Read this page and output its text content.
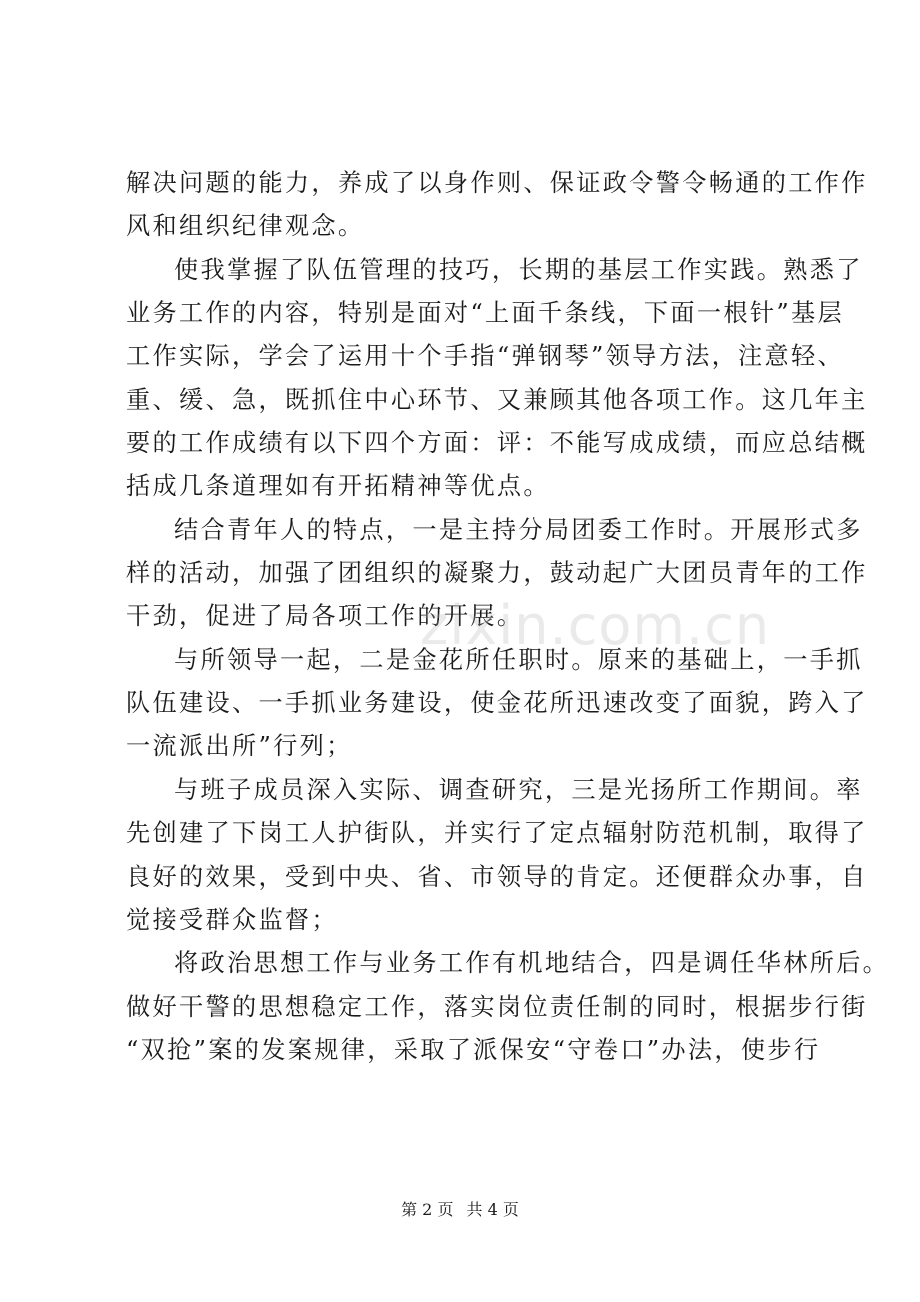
解决问题的能力，养成了以身作则、保证政令警令畅通的工作作
风和组织纪律观念。
使我掌握了队伍管理的技巧，长期的基层工作实践。熟悉了
业务工作的内容，特别是面对“上面千条线，下面一根针”基层
工作实际，学会了运用十个手指“弹钢琴”领导方法，注意轻、
重、缓、急，既抓住中心环节、又兼顾其他各项工作。这几年主
要的工作成绩有以下四个方面：评：不能写成成绩，而应总结概
括成几条道理如有开拓精神等优点。
结合青年人的特点，一是主持分局团委工作时。开展形式多
样的活动，加强了团组织的凝聚力，鼓动起广大团员青年的工作
干劲，促进了局各项工作的开展。
与所领导一起，二是金花所任职时。原来的基础上，一手抓
队伍建设、一手抓业务建设，使金花所迅速改变了面貌，跨入了
一流派出所”行列；
与班子成员深入实际、调查研究，三是光扬所工作期间。率
先创建了下岗工人护街队，并实行了定点辐射防范机制，取得了
良好的效果，受到中央、省、市领导的肯定。还便群众办事，自
觉接受群众监督；
将政治思想工作与业务工作有机地结合，四是调任华林所后。
做好干警的思想稳定工作，落实岗位责任制的同时，根据步行街
“双抢”案的发案规律，采取了派保安“守卷口”办法，使步行
zixin.com.cn
第 2 页 共 4 页
